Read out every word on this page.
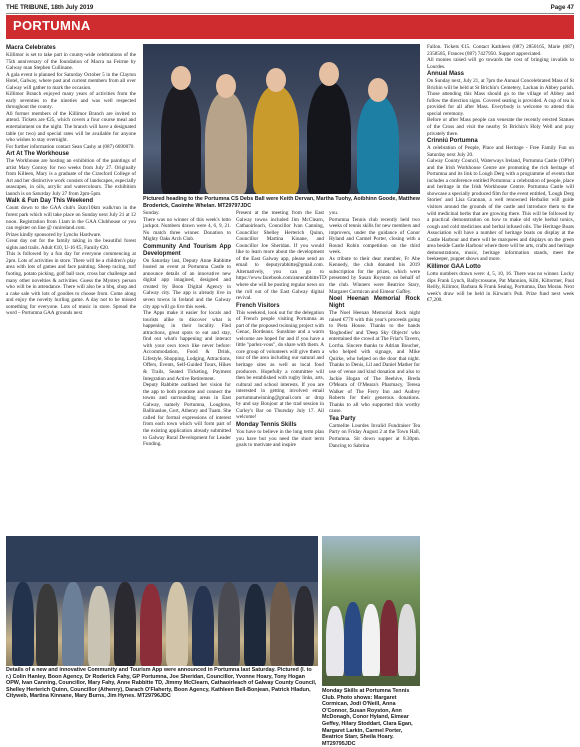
THE TRIBUNE, 18th July 2019	Page 47
PORTUMNA
Macra Celebrates

Killimor is set to take part in county-wide celebrations of the 75th anniversary of the foundation of Macra na Feirme by Galway man Stephen Cullinane.

A gala event is planned for Saturday October 5 in the Clayton Hotel, Galway, where past and current members from all over Galway will gather to mark the occasion.

Killimor Branch enjoyed many years of activities from the early seventies to the nineties and was well respected throughout the county.

All former members of the Killimor Branch are invited to attend. Tickets are €25, which covers a four course meal and entertainment on the night. The branch will have a designated table (or two) and special rates will be available for anyone who wishes to stay overnight.

For further information contact Sean Cashy at (087) 6690070.

Art At The Workhouse

The Workhouse are hosting an exhibition of the paintings of artist Mary Conroy for two weeks from July 27. Originally from Killeen, Mary is a graduate of the Crawford College of Art and her distinctive work consists of landscapes, especially seascapes, in oils, acrylic and watercolours. The exhibition launch is on Saturday July 27 from 2pm-5pm.

Walk & Fun Day This Weekend

Count down to the GAA club's 5km/10km walk/run in the forest park which will take place on Sunday next July 21 at 12 noon. Registration from 11am in the GAA Clubhouse or you can register on line @ runireland.com.

Prizes kindly sponsored by Lynchs Hardware.

Great day out for the family taking in the beautiful forest sights and trails. Adult €10, U-16 €5, Family €20.

This is followed by a fun day for everyone commencing at 2pm. Lots of activities in store. There will be a children's play area with lots of games and face painting. Sheep racing, turf footing, potato picking, golf ball race, cross bar challenge and many other novelties & activities. Guess the Mystery person who will be in attendance. There will also be a bbq, shop and a cake sale with lots of goodies to choose from. Come along and enjoy the novelty hurling game. A day not to be missed something for everyone. Lots of music in store. Spread the word – Portumna GAA grounds next

Sunday.

There was no winner of this week's lotto jackpot. Numbers drawn were 4, 6, 9, 21. No match three winner. Donation to Mighty Oaks Arch Club.

Community And Tourism App Development

On Saturday last, Deputy Anne Rabbitte hosted an event at Portumna Castle to announce details of an innovative new digital app imagined, designed and created by Boon Digital Agency in Galway city. The app is already live in seven towns in Ireland and the Galway city app will go live this week.

The Apps make it easier for locals and tourists alike to discover what is happening in their locality. Find attractions, great spots to eat and stay, find out what's happening and interact with your own town like never before: Accommodation, Food & Drink, Lifestyle, Shopping, Lodging, Attractions, Offers, Events, Self-Guided Tours, Hikes & Trails, Seated Ticketing, Payment Integration and Active Retirement.

Deputy Rabbitte outlined her vision for the app to both promote and connect the towns and surrounding areas in East Galway, namely Portumna, Loughrea, Ballinasloe, Gort, Athenry and Tuam. She called for formal expressions of interest from each town which will form part of the existing application already submitted to Galway Rural Development for Leader Funding.

Present at the meeting from the East Galway towns included Jim McClearn, Cathaoirleach, Councillor Ivan Canning, Councillor Shelley Herterich Quinn, Councillor Martina Kinane, and Councillor Joe Sheridan. If you would like to learn more about the development of the East Galway app, please send an email to deputyrabbitte@gmail.com. Alternatively, you can go to https://www.facebook.com/annerabbitteTD/ where she will be posting regular news on the roll out of the East Galway digital revival.

French Visitors

This weekend, look out for the delegation of French people visiting Portumna as part of the proposed twinning project with Genac, Bordeaux. Sunshine and a warm welcome are hoped for and if you have a little "parlez-vous", do share with them. A core group of volunteers will give them a tour of the area including our natural and heritage sites as well as local food producers. Hopefully a committee will then be established with rugby links, arts, cultural and school interests. If you are interested in getting involved email portumnatwinning@gmail.com or drop by and say Bonjour at the trad session in Curley's Bar on Thursday July 17. All welcome!

Monday Tennis Skills

You have to believe in the long term plan you have but you need the short term goals to motivate and inspire

you.

Portumna Tennis club recently held two weeks of tennis skills for new members and improvers, under the guidance of Conor Hyland and Carmel Porter, closing with a Round Robin competition on the third week.

As tribute to their dear member, Fr Abe Kennedy, the club donated his 2019 subscription for the prizes, which were presented by Susan Royston on behalf of the club. Winners were Beatrice Stary, Margaret Cormican and Eimear Gaffey.

Noel Heenan Memorial Rock Night

The Noel Heenan Memorial Rock night raised €770 with this year's proceeds going to Pieta House. Thanks to the bands 'Bogbodies' and 'Deep Sky Objects' who entertained the crowd at The Friar's Tavern, Lorrha. Sincere thanks to Adrian Boucher, who helped with signage, and Mike Quirke, who helped on the door that night. Thanks to Denis, Lil and Daniel Mather for use of venue and kind donation and also to Jackie Hogan of The Beehive, Breda O'Meara of O'Meara's Pharmacy, Teresa Walker of The Ferry Inn and Audrey Roberts for their generous donations. Thanks to all who supported this worthy cause.

Tea Party

Carmelite Lourdes Invalid Fundraiser Tea Party on Friday August 2 at the Town Hall, Portumna. Sit down supper at 8.30pm. Dancing to Sabrina

Fallon. Tickets €15. Contact Kathleen (087) 2850165, Marie (087) 2358585, Frances (087) 7427950. Support appreciated.

All monies raised will go towards the cost of bringing invalids to Lourdes.

Annual Mass

On Sunday next, July 21, at 7pm the Annual Concelebrated Mass of St Brichin will be held at St Brichin's Cemetery, Lackan in Abbey parish. Those attending this Mass should go to the village of Abbey and follow the direction signs. Covered seating is provided. A cup of tea is provided for all after Mass. Everybody is welcome to attend this special ceremony.

Before or after Mass people can venerate the recently erected Statues of the Cross and visit the nearby St Brichin's Holy Well and pray privately there.

Crinniú Portumna

A celebration of People, Place and Heritage - Free Family Fun on Saturday next July 20.

Galway County Council, Waterways Ireland, Portumna Castle (OPW) and the Irish Workhouse Centre are promoting the rich heritage of Portumna and its link to Lough Derg with a programme of events that includes a conference entitled Portumna: a celebration of people, place and heritage in the Irish Workhouse Centre. Portumna Castle will showcase a specially produced film for the event entitled, 'Lough Derg Stories' and Lisa Grannan, a well renowned Herbalist will guide visitors around the grounds of the castle and introduce them to the wild medicinal herbs that are growing there. This will be followed by a practical demonstration on how to make old style herbal tonics, cough and cold medicines and herbal infused oils. The Heritage Boats Association will have a number of heritage boats on display at the Castle Harbour and there will be marquees and displays on the green area beside Castle Harbour where there will be arts, crafts and heritage demonstrations, music, heritage information stands, meet the beekeeper, puppet shows and more.

Killimor GAA Lotto

Lotto numbers drawn were: 4, 5, 10, 16. There was no winner. Lucky dips Frank Lynch, Ballycrossane, Pat Mannion, Kilti, Kiltormer, Paul Reilly, Kilimor, Barbara & Frank Sealug, Portumna, Dan Moran. Next week's draw will be held in Kirwan's Pub. Prize fund next week €7,200.

Pictured heading to the Portumna CS Debs Ball were Keith Dervan, Martha Tuohy, Aoibhinn Goode, Matthew Broderick, Caoimhe Whelan. MT29797JDC
Details of a new and innovative Community and Tourism App were announced in Portumna last Saturday. Pictured (l. to r.) Colin Hanley, Boon Agency, Dr Roderick Fahy, GP Portumna, Joe Sheridan, Councillor, Yvonne Hoary, Tony Hogan OPW, Ivan Canning, Councillor, Mary Fahy, Anne Rabbitte TD, Jimmy McClearn, Cathaoirleach of Galway County Council, Shelley Herterich Quinn, Councillor (Athenry), Darach O'Flaherty, Boon Agency, Kathleen Bell-Bonjean, Patrick Hladun, Cityweb, Martina Kinnane, Mary Burns, Jim Hynes. MT29796JDC
Monday Skills at Portumna Tennis Club. Photo shows: Margaret Cormican, Jodi O'Neill, Anna O'Connor, Susan Royston, Ann McDonagh, Conor Hyland, Eimear Geffey, Hilary Stoddart, Clara Egan, Margaret Larkin, Carmel Porter, Beatrice Starr, Sheila Hoary. MT29795JDC
